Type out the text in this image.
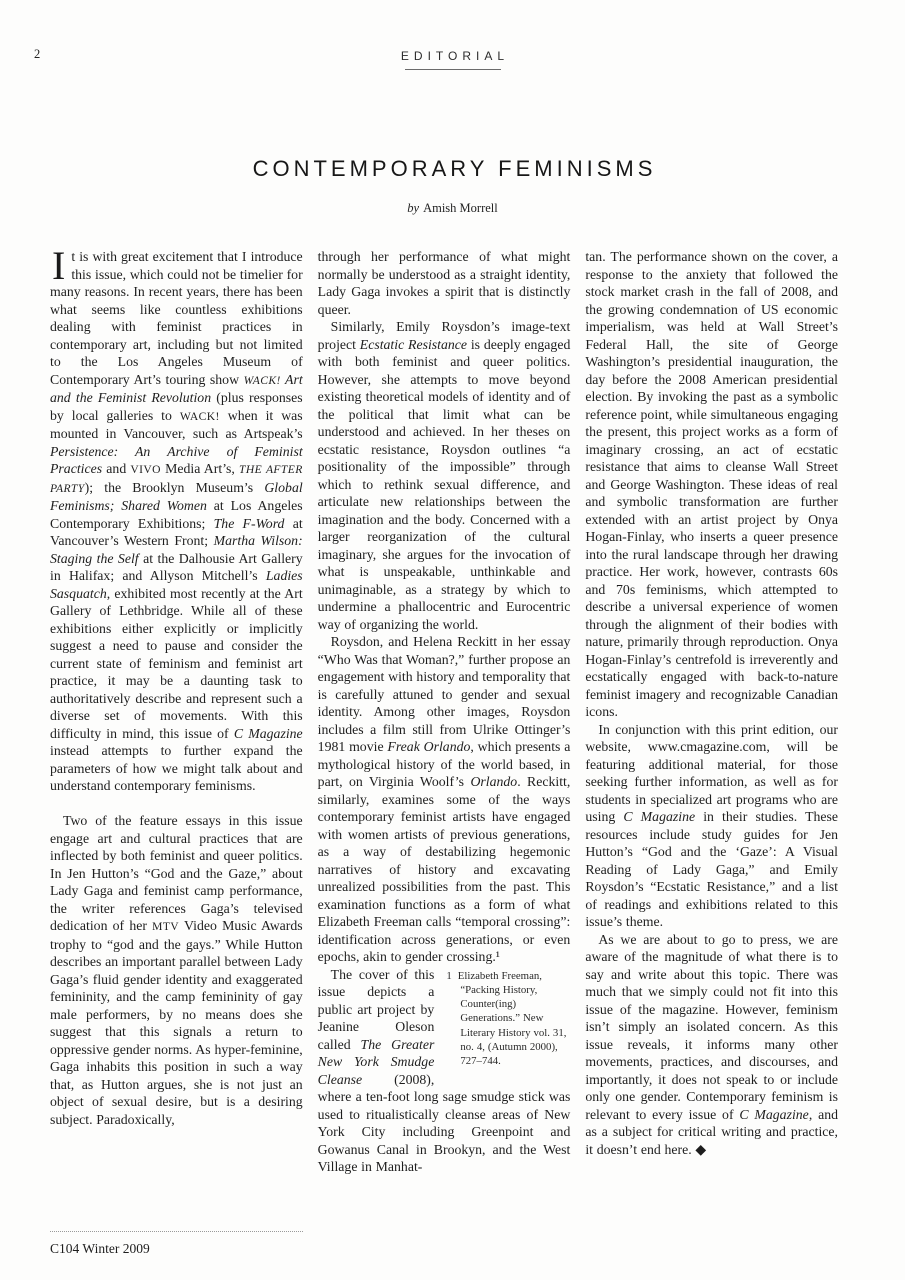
2	EDITORIAL
CONTEMPORARY FEMINISMS
by Amish Morrell

It is with great excitement that I introduce this issue, which could not be timelier for many reasons. In recent years, there has been what seems like countless exhibitions dealing with feminist practices in contemporary art, including but not limited to the Los Angeles Museum of Contemporary Art’s touring show WACK! Art and the Feminist Revolution (plus responses by local galleries to WACK! when it was mounted in Vancouver, such as Artspeak’s Persistence: An Archive of Feminist Practices and VIVO Media Art’s, THE AFTER PARTY); the Brooklyn Museum’s Global Feminisms; Shared Women at Los Angeles Contemporary Exhibitions; The F-Word at Vancouver’s Western Front; Martha Wilson: Staging the Self at the Dalhousie Art Gallery in Halifax; and Allyson Mitchell’s Ladies Sasquatch, exhibited most recently at the Art Gallery of Lethbridge. While all of these exhibitions either explicitly or implicitly suggest a need to pause and consider the current state of feminism and feminist art practice, it may be a daunting task to authoritatively describe and represent such a diverse set of movements. With this difficulty in mind, this issue of C Magazine instead attempts to further expand the parameters of how we might talk about and understand contemporary feminisms.

Two of the feature essays in this issue engage art and cultural practices that are inflected by both feminist and queer politics. In Jen Hutton’s “God and the Gaze,” about Lady Gaga and feminist camp performance, the writer references Gaga’s televised dedication of her MTV Video Music Awards trophy to “god and the gays.” While Hutton describes an important parallel between Lady Gaga’s fluid gender identity and exaggerated femininity, and the camp femininity of gay male performers, by no means does she suggest that this signals a return to oppressive gender norms. As hyper-feminine, Gaga inhabits this position in such a way that, as Hutton argues, she is not just an object of sexual desire, but is a desiring subject. Paradoxically,

through her performance of what might normally be understood as a straight identity, Lady Gaga invokes a spirit that is distinctly queer.

Similarly, Emily Roysdon’s image-text project Ecstatic Resistance is deeply engaged with both feminist and queer politics. However, she attempts to move beyond existing theoretical models of identity and of the political that limit what can be understood and achieved. In her theses on ecstatic resistance, Roysdon outlines “a positionality of the impossible” through which to rethink sexual difference, and articulate new relationships between the imagination and the body. Concerned with a larger reorganization of the cultural imaginary, she argues for the invocation of what is unspeakable, unthinkable and unimaginable, as a strategy by which to undermine a phallocentric and Eurocentric way of organizing the world.

Roysdon, and Helena Reckitt in her essay “Who Was that Woman?,” further propose an engagement with history and temporality that is carefully attuned to gender and sexual identity. Among other images, Roysdon includes a film still from Ulrike Ottinger’s 1981 movie Freak Orlando, which presents a mythological history of the world based, in part, on Virginia Woolf’s Orlando. Reckitt, similarly, examines some of the ways contemporary feminist artists have engaged with women artists of previous generations, as a way of destabilizing hegemonic narratives of history and excavating unrealized possibilities from the past. This examination functions as a form of what Elizabeth Freeman calls “temporal crossing”: identification across generations, or even epochs, akin to gender crossing.¹

1 Elizabeth Freeman, “Packing History, Counter(ing) Generations.” New Literary History vol. 31, no. 4, (Autumn 2000), 727–744.
The cover of this issue depicts a public art project by Jeanine Oleson called The Greater New York Smudge Cleanse (2008), where a ten-foot long sage smudge stick was used to ritualistically cleanse areas of New York City including Greenpoint and Gowanus Canal in Brookyn, and the West Village in Manhat-

tan. The performance shown on the cover, a response to the anxiety that followed the stock market crash in the fall of 2008, and the growing condemnation of US economic imperialism, was held at Wall Street’s Federal Hall, the site of George Washington’s presidential inauguration, the day before the 2008 American presidential election. By invoking the past as a symbolic reference point, while simultaneous engaging the present, this project works as a form of imaginary crossing, an act of ecstatic resistance that aims to cleanse Wall Street and George Washington. These ideas of real and symbolic transformation are further extended with an artist project by Onya Hogan-Finlay, who inserts a queer presence into the rural landscape through her drawing practice. Her work, however, contrasts 60s and 70s feminisms, which attempted to describe a universal experience of women through the alignment of their bodies with nature, primarily through reproduction. Onya Hogan-Finlay’s centrefold is irreverently and ecstatically engaged with back-to-nature feminist imagery and recognizable Canadian icons.

In conjunction with this print edition, our website, www.cmagazine.com, will be featuring additional material, for those seeking further information, as well as for students in specialized art programs who are using C Magazine in their studies. These resources include study guides for Jen Hutton’s “God and the ‘Gaze’: A Visual Reading of Lady Gaga,” and Emily Roysdon’s “Ecstatic Resistance,” and a list of readings and exhibitions related to this issue’s theme.

As we are about to go to press, we are aware of the magnitude of what there is to say and write about this topic. There was much that we simply could not fit into this issue of the magazine. However, feminism isn’t simply an isolated concern. As this issue reveals, it informs many other movements, practices, and discourses, and importantly, it does not speak to or include only one gender. Contemporary feminism is relevant to every issue of C Magazine, and as a subject for critical writing and practice, it doesn’t end here. ◆

C104 Winter 2009
